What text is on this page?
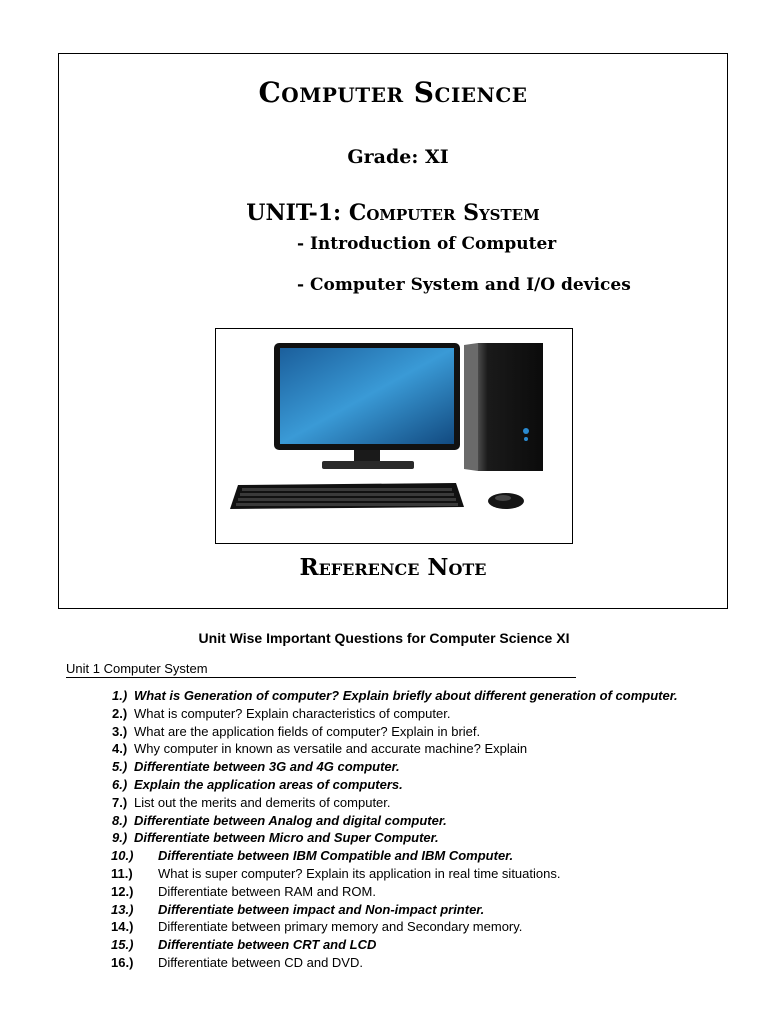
Computer Science
Grade: XI
UNIT-1: Computer System
- Introduction of Computer
- Computer System and I/O devices
Reference Note
Unit Wise Important Questions for Computer Science XI
Unit 1 Computer System
1.) What is Generation of computer? Explain briefly about different generation of computer.
2.) What is computer? Explain characteristics of computer.
3.) What are the application fields of computer? Explain in brief.
4.) Why computer in known as versatile and accurate machine? Explain
5.) Differentiate between 3G and 4G computer.
6.) Explain the application areas of computers.
7.) List out the merits and demerits of computer.
8.) Differentiate between Analog and digital computer.
9.) Differentiate between Micro and Super Computer.
10.) Differentiate between IBM Compatible and IBM Computer.
11.) What is super computer? Explain its application in real time situations.
12.) Differentiate between RAM and ROM.
13.) Differentiate between impact and Non-impact printer.
14.) Differentiate between primary memory and Secondary memory.
15.) Differentiate between CRT and LCD
16.) Differentiate between CD and DVD.
